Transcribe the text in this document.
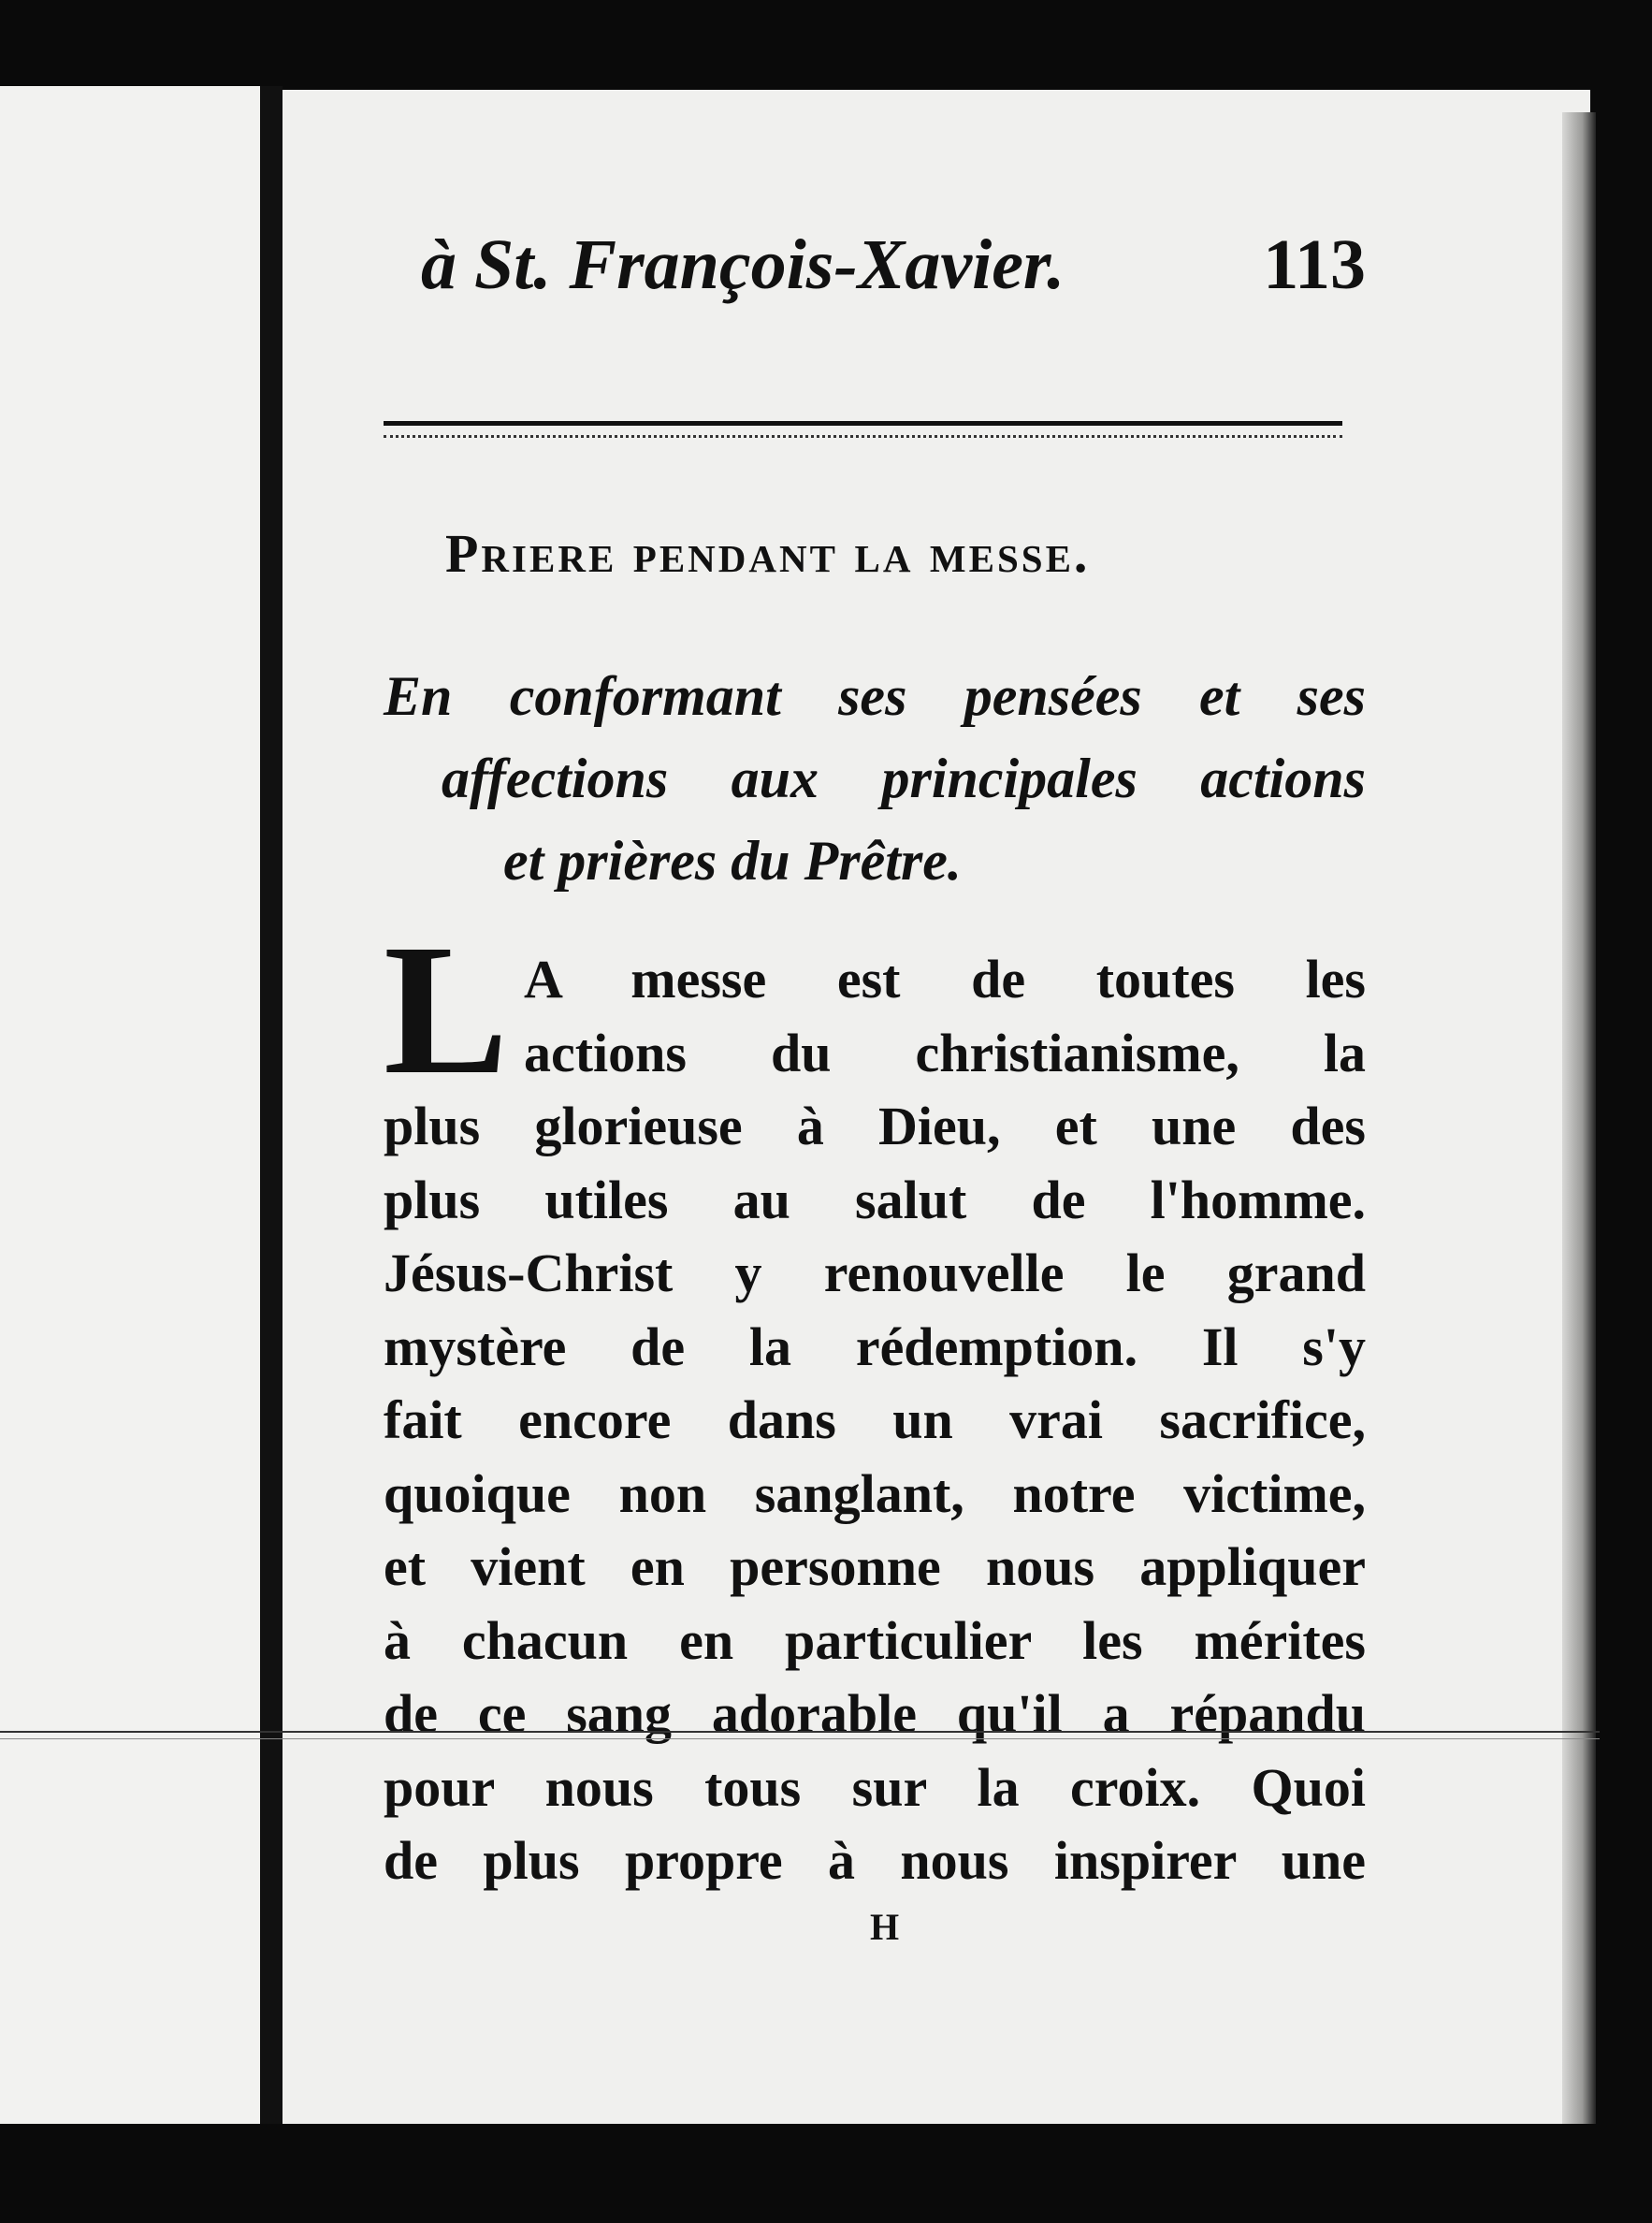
à St. François-Xavier.	113
Priere pendant la messe.
En conformant ses pensées et ses
affections aux principales actions
et prières du Prêtre.
L A messe est de toutes les
actions du christianisme, la
plus glorieuse à Dieu, et une des
plus utiles au salut de l'homme.
Jésus-Christ y renouvelle le grand
mystère de la rédemption. Il s'y
fait encore dans un vrai sacrifice,
quoique non sanglant, notre victime,
et vient en personne nous appliquer
à chacun en particulier les mérites
de ce sang adorable qu'il a répandu
pour nous tous sur la croix. Quoi
de plus propre à nous inspirer une
H
